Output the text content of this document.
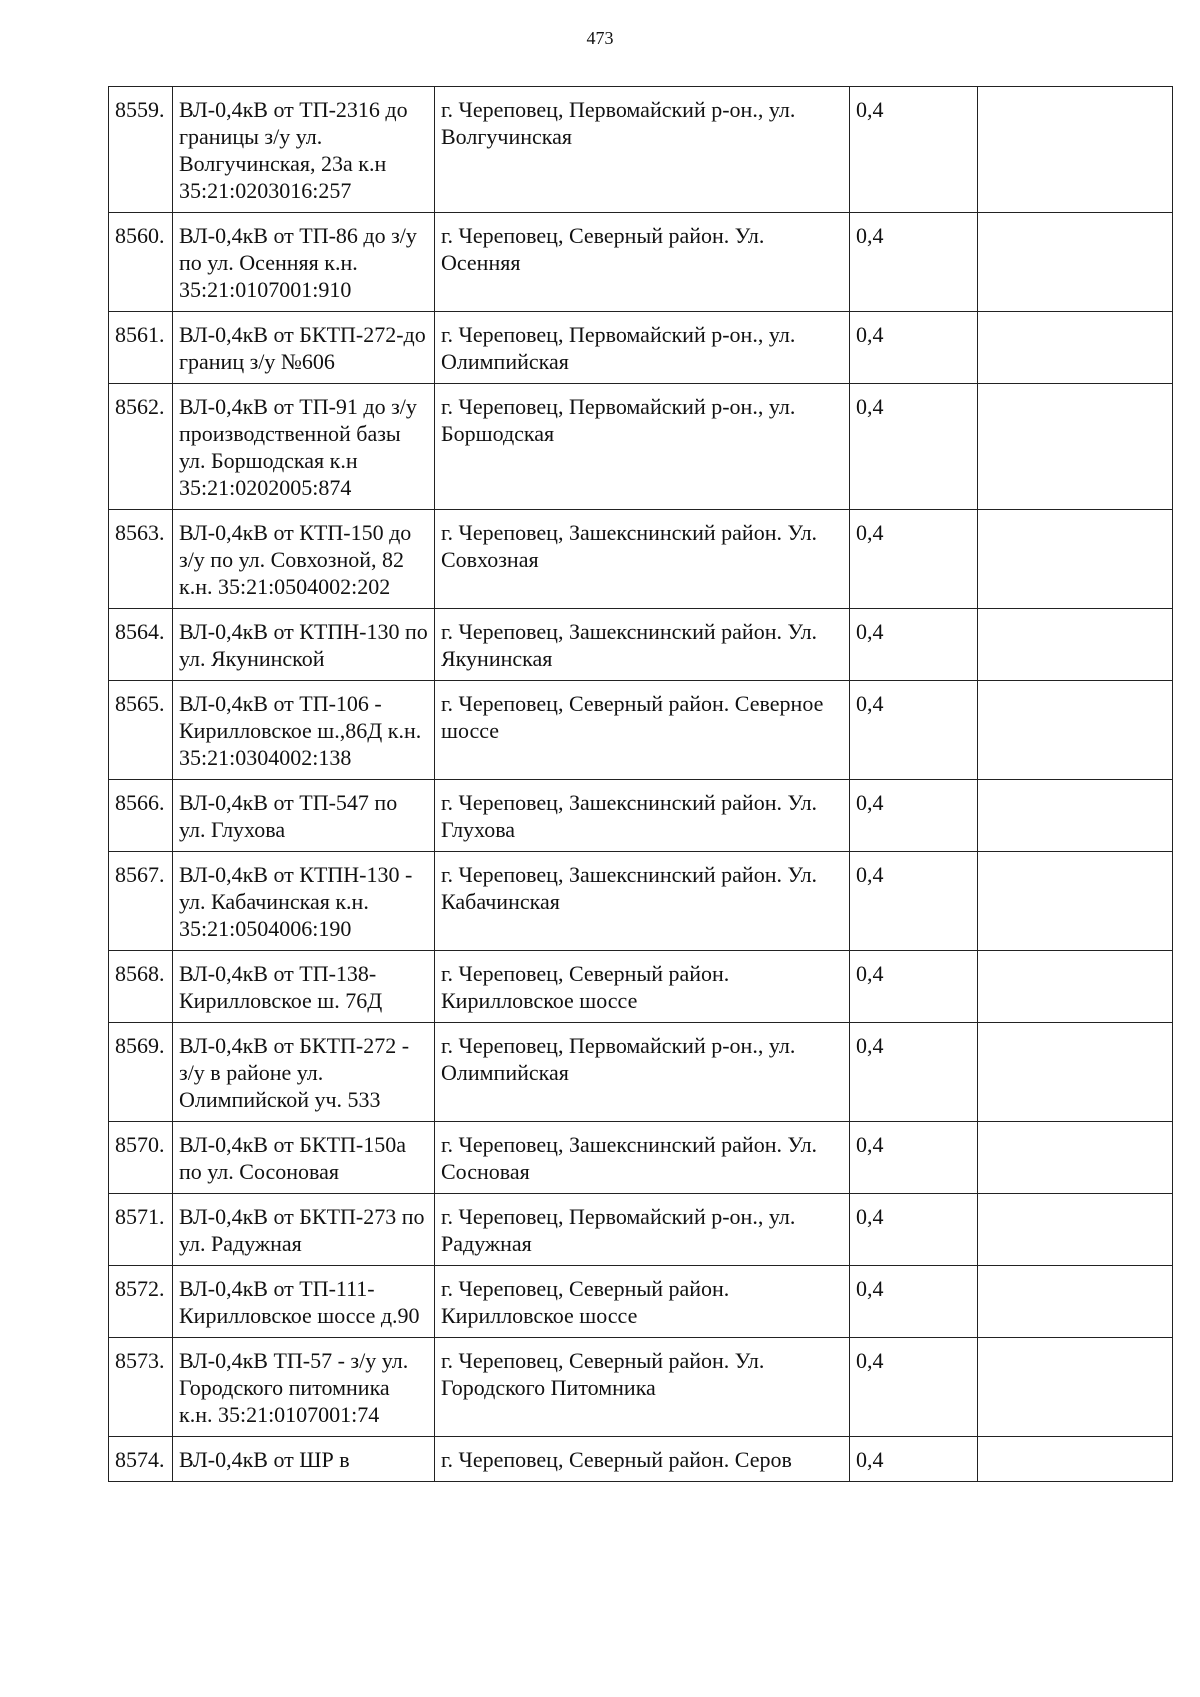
473
8559.	ВЛ-0,4кВ от ТП-2316 до границы з/у ул. Волгучинская, 23а к.н 35:21:0203016:257	г. Череповец, Первомайский р-он., ул. Волгучинская	0,4	
8560.	ВЛ-0,4кВ от ТП-86 до з/у по ул. Осенняя к.н. 35:21:0107001:910	г. Череповец, Северный район. Ул. Осенняя	0,4	
8561.	ВЛ-0,4кВ от БКТП-272-до границ з/у №606	г. Череповец, Первомайский р-он., ул. Олимпийская	0,4	
8562.	ВЛ-0,4кВ от ТП-91 до з/у производственной базы ул. Боршодская к.н 35:21:0202005:874	г. Череповец, Первомайский р-он., ул. Боршодская	0,4	
8563.	ВЛ-0,4кВ от КТП-150 до з/у по ул. Совхозной, 82 к.н. 35:21:0504002:202	г. Череповец, Зашекснинский район. Ул. Совхозная	0,4	
8564.	ВЛ-0,4кВ от КТПН-130 по ул. Якунинской	г. Череповец, Зашекснинский район. Ул. Якунинская	0,4	
8565.	ВЛ-0,4кВ от ТП-106 - Кирилловское ш.,86Д к.н. 35:21:0304002:138	г. Череповец, Северный район. Северное шоссе	0,4	
8566.	ВЛ-0,4кВ от ТП-547 по ул. Глухова	г. Череповец, Зашекснинский район. Ул. Глухова	0,4	
8567.	ВЛ-0,4кВ от КТПН-130 - ул. Кабачинская к.н. 35:21:0504006:190	г. Череповец, Зашекснинский район. Ул. Кабачинская	0,4	
8568.	ВЛ-0,4кВ от ТП-138-Кирилловское ш. 76Д	г. Череповец, Северный район. Кирилловское шоссе	0,4	
8569.	ВЛ-0,4кВ от БКТП-272 - з/у в районе ул. Олимпийской уч. 533	г. Череповец, Первомайский р-он., ул. Олимпийская	0,4	
8570.	ВЛ-0,4кВ от БКТП-150а по ул. Сосоновая	г. Череповец, Зашекснинский район. Ул. Сосновая	0,4	
8571.	ВЛ-0,4кВ от БКТП-273 по ул. Радужная	г. Череповец, Первомайский р-он., ул. Радужная	0,4	
8572.	ВЛ-0,4кВ от ТП-111-Кирилловское шоссе д.90	г. Череповец, Северный район. Кирилловское шоссе	0,4	
8573.	ВЛ-0,4кВ ТП-57 - з/у ул. Городского питомника к.н. 35:21:0107001:74	г. Череповец, Северный район. Ул. Городского Питомника	0,4	
8574.	ВЛ-0,4кВ от ШР в	г. Череповец, Северный район. Серов	0,4	
